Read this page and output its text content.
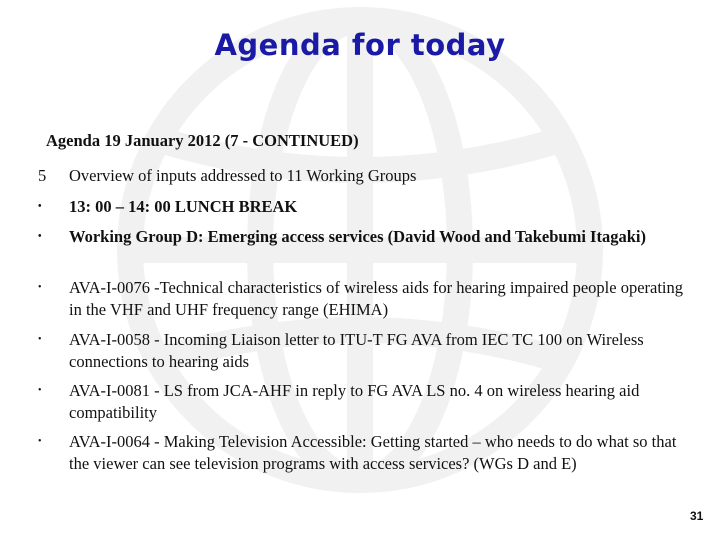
Agenda for today
Agenda 19 January 2012 (7 - CONTINUED)
5 Overview of inputs addressed to 11 Working Groups
• 13: 00 – 14: 00 LUNCH BREAK
• Working Group D: Emerging access services (David Wood and Takebumi Itagaki)
• AVA-I-0076 -Technical characteristics of wireless aids for hearing impaired people operating in the VHF and UHF frequency range (EHIMA)
• AVA-I-0058 - Incoming Liaison letter to ITU-T FG AVA from IEC TC 100 on Wireless connections to hearing aids
• AVA-I-0081 - LS from JCA-AHF in reply to FG AVA LS no. 4 on wireless hearing aid compatibility
• AVA-I-0064 - Making Television Accessible: Getting started – who needs to do what so that the viewer can see television programs with access services? (WGs D and E)
31
